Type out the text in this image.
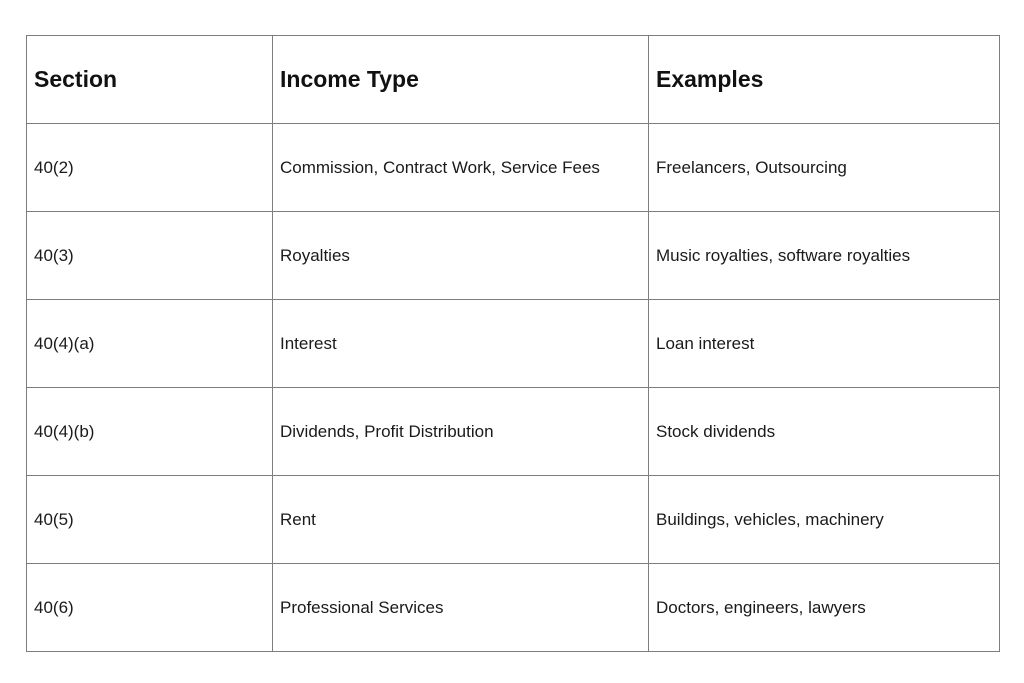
Section	Income Type	Examples
40(2)	Commission, Contract Work, Service Fees	Freelancers, Outsourcing
40(3)	Royalties	Music royalties, software royalties
40(4)(a)	Interest	Loan interest
40(4)(b)	Dividends, Profit Distribution	Stock dividends
40(5)	Rent	Buildings, vehicles, machinery
40(6)	Professional Services	Doctors, engineers, lawyers
